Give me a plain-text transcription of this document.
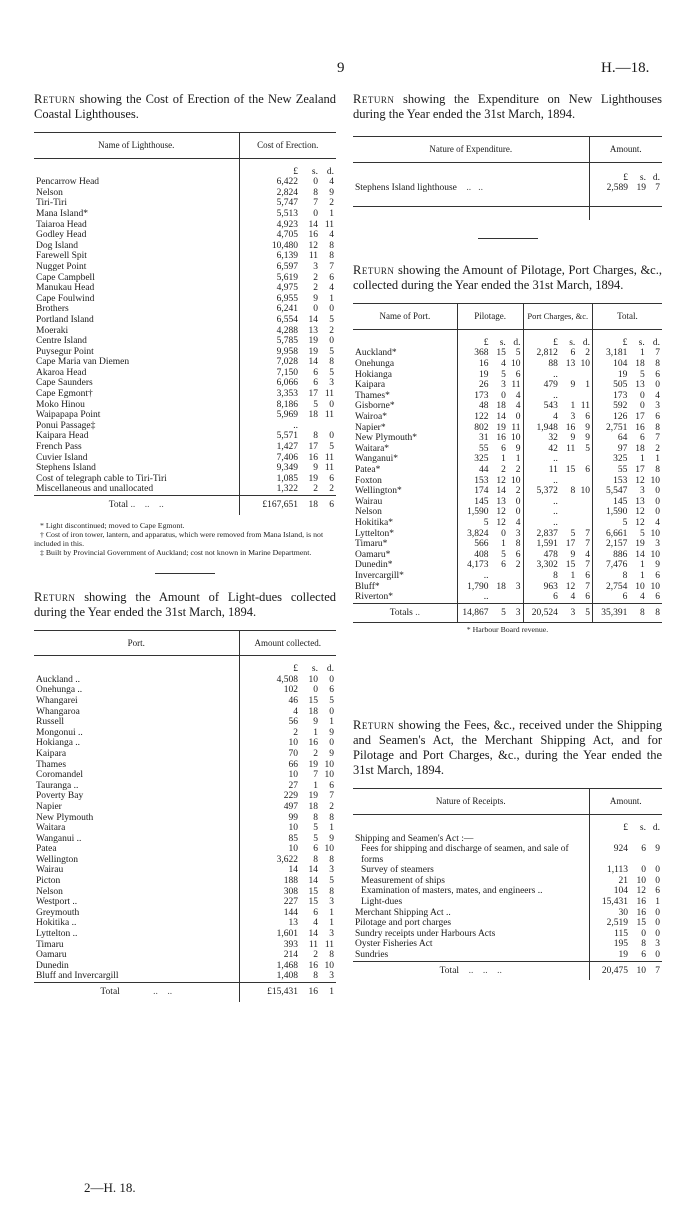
9	H.—18.
Return showing the Cost of Erection of the New Zealand Coastal Lighthouses.
Name of Lighthouse.	Cost of Erection.		
	£	s.	d.
Pencarrow Head	6,422	0	4
Nelson	2,824	8	9
Tiri-Tiri	5,747	7	2
Mana Island*	5,513	0	1
Taiaroa Head	4,923	14	11
Godley Head	4,705	16	4
Dog Island	10,480	12	8
Farewell Spit	6,139	11	8
Nugget Point	6,597	3	7
Cape Campbell	5,619	2	6
Manukau Head	4,975	2	4
Cape Foulwind	6,955	9	1
Brothers	6,241	0	0
Portland Island	6,554	14	5
Moeraki	4,288	13	2
Centre Island	5,785	19	0
Puysegur Point	9,958	19	5
Cape Maria van Diemen	7,028	14	8
Akaroa Head	7,150	6	5
Cape Saunders	6,066	6	3
Cape Egmont†	3,353	17	11
Moko Hinou	8,186	5	0
Waipapapa Point	5,969	18	11
Ponui Passage‡	..		
Kaipara Head	5,571	8	0
French Pass	1,427	17	5
Cuvier Island	7,406	16	11
Stephens Island	9,349	9	11
Cost of telegraph cable to Tiri-Tiri	1,085	19	6
Miscellaneous and unallocated	1,322	2	2
Total ..    ..    ..	£167,651	18	6
* Light discontinued; moved to Cape Egmont.
† Cost of iron tower, lantern, and apparatus, which were removed from Mana Island, is not included in this.
‡ Built by Provincial Government of Auckland; cost not known in Marine Department.
Return showing the Amount of Light-dues collected during the Year ended the 31st March, 1894.
Port.	Amount collected.		
	£	s.	d.
Auckland ..	4,508	10	0
Onehunga ..	102	0	6
Whangarei	46	15	5
Whangaroa	4	18	0
Russell	56	9	1
Mongonui ..	2	1	9
Hokianga ..	10	16	0
Kaipara	70	2	9
Thames	66	19	10
Coromandel	10	7	10
Tauranga ..	27	1	6
Poverty Bay	229	19	7
Napier	497	18	2
New Plymouth	99	8	8
Waitara	10	5	1
Wanganui ..	85	5	9
Patea	10	6	10
Wellington	3,622	8	8
Wairau	14	14	3
Picton	188	14	5
Nelson	308	15	8
Westport ..	227	15	3
Greymouth	144	6	1
Hokitika ..	13	4	1
Lyttelton ..	1,601	14	3
Timaru	393	11	11
Oamaru	214	2	8
Dunedin	1,468	16	10
Bluff and Invercargill	1,408	8	3
Total              ..    ..	£15,431	16	1
2—H. 18.
Return showing the Expenditure on New Lighthouses during the Year ended the 31st March, 1894.
Nature of Expenditure.	Amount.		
	£	s.	d.
Stephens Island lighthouse    ..   ..	2,589	19	7

Return showing the Amount of Pilotage, Port Charges, &c., collected during the Year ended the 31st March, 1894.
Name of Port.	Pilotage.			Port Charges, &c.			Total.		
	£	s.	d.	£	s.	d.	£	s.	d.
Auckland*	368	15	5	2,812	6	2	3,181	1	7
Onehunga	16	4	10	88	13	10	104	18	8
Hokianga	19	5	6	..			19	5	6
Kaipara	26	3	11	479	9	1	505	13	0
Thames*	173	0	4	..			173	0	4
Gisborne*	48	18	4	543	1	11	592	0	3
Wairoa*	122	14	0	4	3	6	126	17	6
Napier*	802	19	11	1,948	16	9	2,751	16	8
New Plymouth*	31	16	10	32	9	9	64	6	7
Waitara*	55	6	9	42	11	5	97	18	2
Wanganui*	325	1	1	..			325	1	1
Patea*	44	2	2	11	15	6	55	17	8
Foxton	153	12	10	..			153	12	10
Wellington*	174	14	2	5,372	8	10	5,547	3	0
Wairau	145	13	0	..			145	13	0
Nelson	1,590	12	0	..			1,590	12	0
Hokitika*	5	12	4	..			5	12	4
Lyttelton*	3,824	0	3	2,837	5	7	6,661	5	10
Timaru*	566	1	8	1,591	17	7	2,157	19	3
Oamaru*	408	5	6	478	9	4	886	14	10
Dunedin*	4,173	6	2	3,302	15	7	7,476	1	9
Invercargill*	..			8	1	6	8	1	6
Bluff*	1,790	18	3	963	12	7	2,754	10	10
Riverton*	..			6	4	6	6	4	6
Totals ..	14,867	5	3	20,524	3	5	35,391	8	8
* Harbour Board revenue.
Return showing the Fees, &c., received under the Shipping and Seamen's Act, the Merchant Shipping Act, and for Pilotage and Port Charges, &c., during the Year ended the 31st March, 1894.
Nature of Receipts.	Amount.		
	£	s.	d.
Shipping and Seamen's Act :—			
Fees for shipping and discharge of seamen, and sale of forms	924	6	9
Survey of steamers	1,113	0	0
Measurement of ships	21	10	0
Examination of masters, mates, and engineers ..	104	12	6
Light-dues	15,431	16	1
Merchant Shipping Act ..	30	16	0
Pilotage and port charges	2,519	15	0
Sundry receipts under Harbours Acts	115	0	0
Oyster Fisheries Act	195	8	3
Sundries	19	6	0
Total    ..    ..    ..	20,475	10	7
